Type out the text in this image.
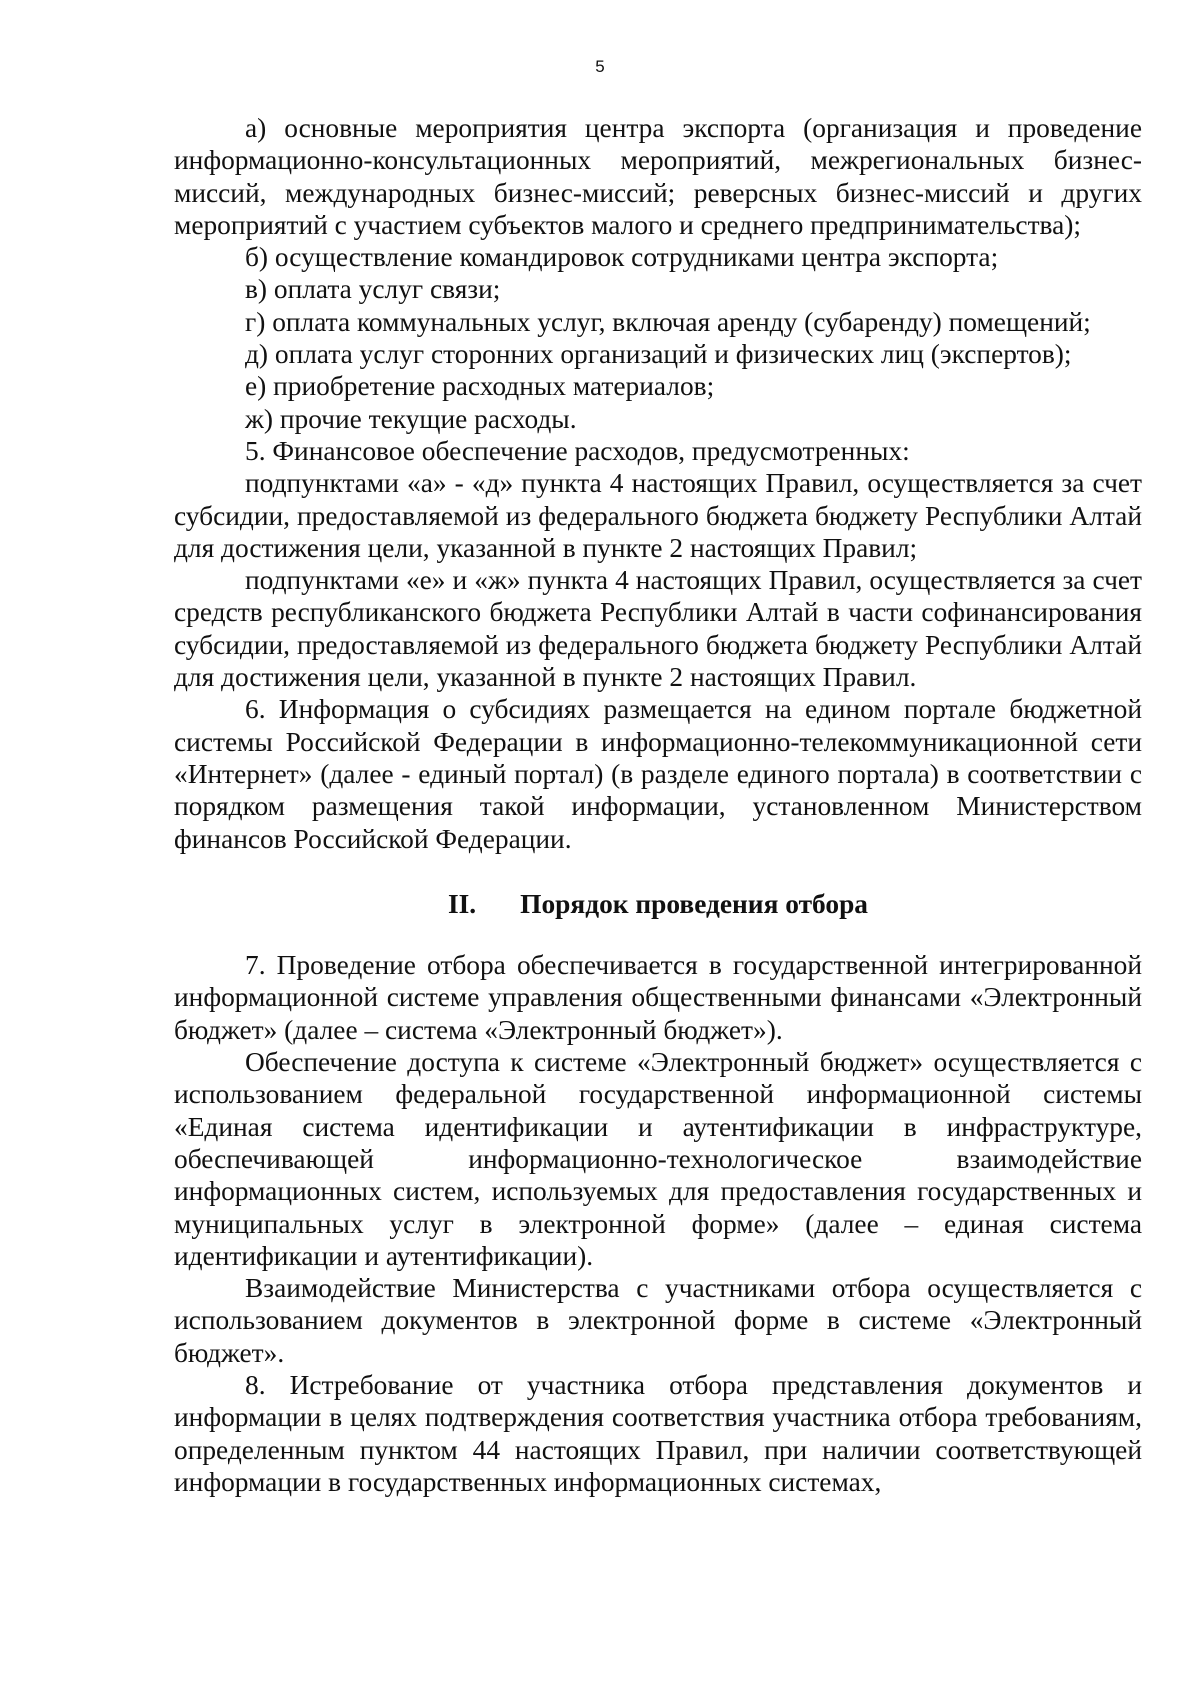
5

а) основные мероприятия центра экспорта (организация и проведение информационно-консультационных мероприятий, межрегиональных бизнес-миссий, международных бизнес-миссий; реверсных бизнес-миссий и других мероприятий с участием субъектов малого и среднего предпринимательства);

б) осуществление командировок сотрудниками центра экспорта;

в) оплата услуг связи;

г) оплата коммунальных услуг, включая аренду (субаренду) помещений;

д) оплата услуг сторонних организаций и физических лиц (экспертов);

е) приобретение расходных материалов;

ж) прочие текущие расходы.

5. Финансовое обеспечение расходов, предусмотренных:

подпунктами «а» - «д» пункта 4 настоящих Правил, осуществляется за счет субсидии, предоставляемой из федерального бюджета бюджету Республики Алтай для достижения цели, указанной в пункте 2 настоящих Правил;

подпунктами «е» и «ж» пункта 4 настоящих Правил, осуществляется за счет средств республиканского бюджета Республики Алтай в части софинансирования субсидии, предоставляемой из федерального бюджета бюджету Республики Алтай для достижения цели, указанной в пункте 2 настоящих Правил.

6. Информация о субсидиях размещается на едином портале бюджетной системы Российской Федерации в информационно-телекоммуникационной сети «Интернет» (далее - единый портал) (в разделе единого портала) в соответствии с порядком размещения такой информации, установленном Министерством финансов Российской Федерации.

II. Порядок проведения отбора

7. Проведение отбора обеспечивается в государственной интегрированной информационной системе управления общественными финансами «Электронный бюджет» (далее – система «Электронный бюджет»).

Обеспечение доступа к системе «Электронный бюджет» осуществляется с использованием федеральной государственной информационной системы «Единая система идентификации и аутентификации в инфраструктуре, обеспечивающей информационно-технологическое взаимодействие информационных систем, используемых для предоставления государственных и муниципальных услуг в электронной форме» (далее – единая система идентификации и аутентификации).

Взаимодействие Министерства с участниками отбора осуществляется с использованием документов в электронной форме в системе «Электронный бюджет».

8. Истребование от участника отбора представления документов и информации в целях подтверждения соответствия участника отбора требованиям, определенным пунктом 44 настоящих Правил, при наличии соответствующей информации в государственных информационных системах,
